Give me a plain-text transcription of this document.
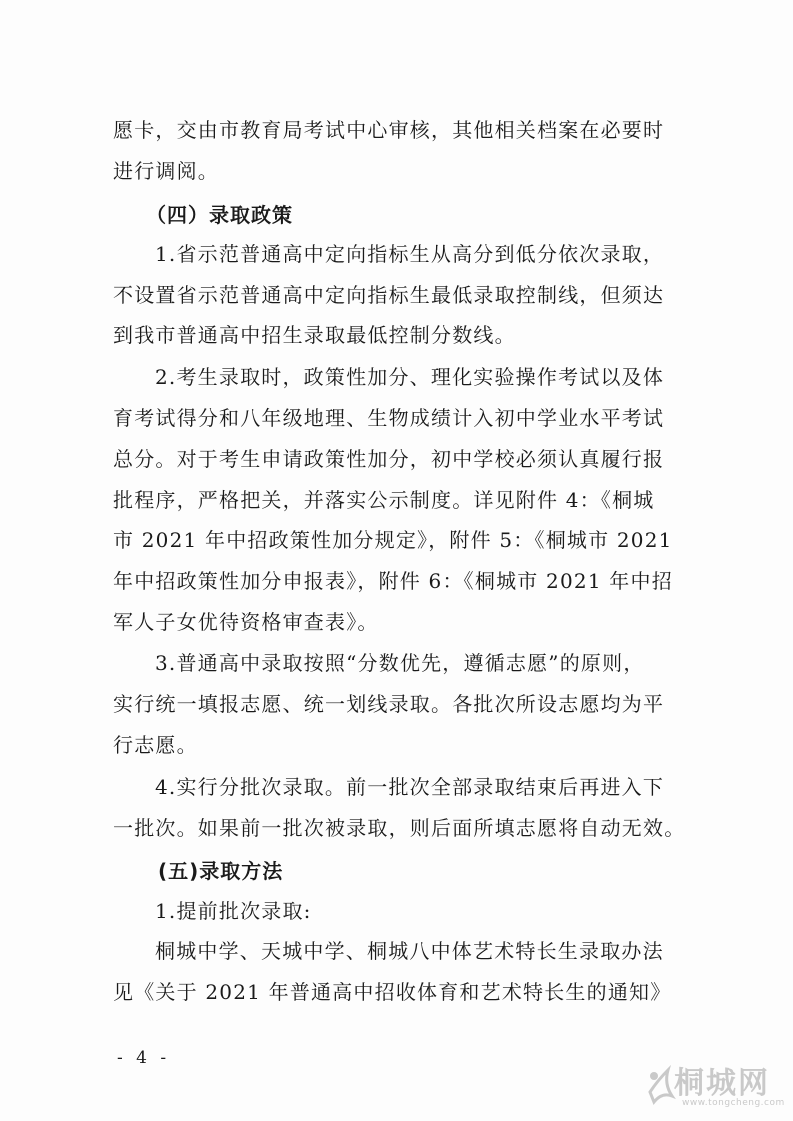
愿卡，交由市教育局考试中心审核，其他相关档案在必要时
进行调阅。
（四）录取政策
1.省示范普通高中定向指标生从高分到低分依次录取，
不设置省示范普通高中定向指标生最低录取控制线，但须达
到我市普通高中招生录取最低控制分数线。
2.考生录取时，政策性加分、理化实验操作考试以及体
育考试得分和八年级地理、生物成绩计入初中学业水平考试
总分。对于考生申请政策性加分，初中学校必须认真履行报
批程序，严格把关，并落实公示制度。详见附件 4：《桐城
市 2021 年中招政策性加分规定》，附件 5：《桐城市 2021
年中招政策性加分申报表》，附件 6：《桐城市 2021 年中招
军人子女优待资格审查表》。
3.普通高中录取按照“分数优先，遵循志愿”的原则，
实行统一填报志愿、统一划线录取。各批次所设志愿均为平
行志愿。
4.实行分批次录取。前一批次全部录取结束后再进入下
一批次。如果前一批次被录取，则后面所填志愿将自动无效。
(五)录取方法
1.提前批次录取:
桐城中学、天城中学、桐城八中体艺术特长生录取办法
见《关于 2021 年普通高中招收体育和艺术特长生的通知》
- 4 -
桐城网
www.tongcheng.com
